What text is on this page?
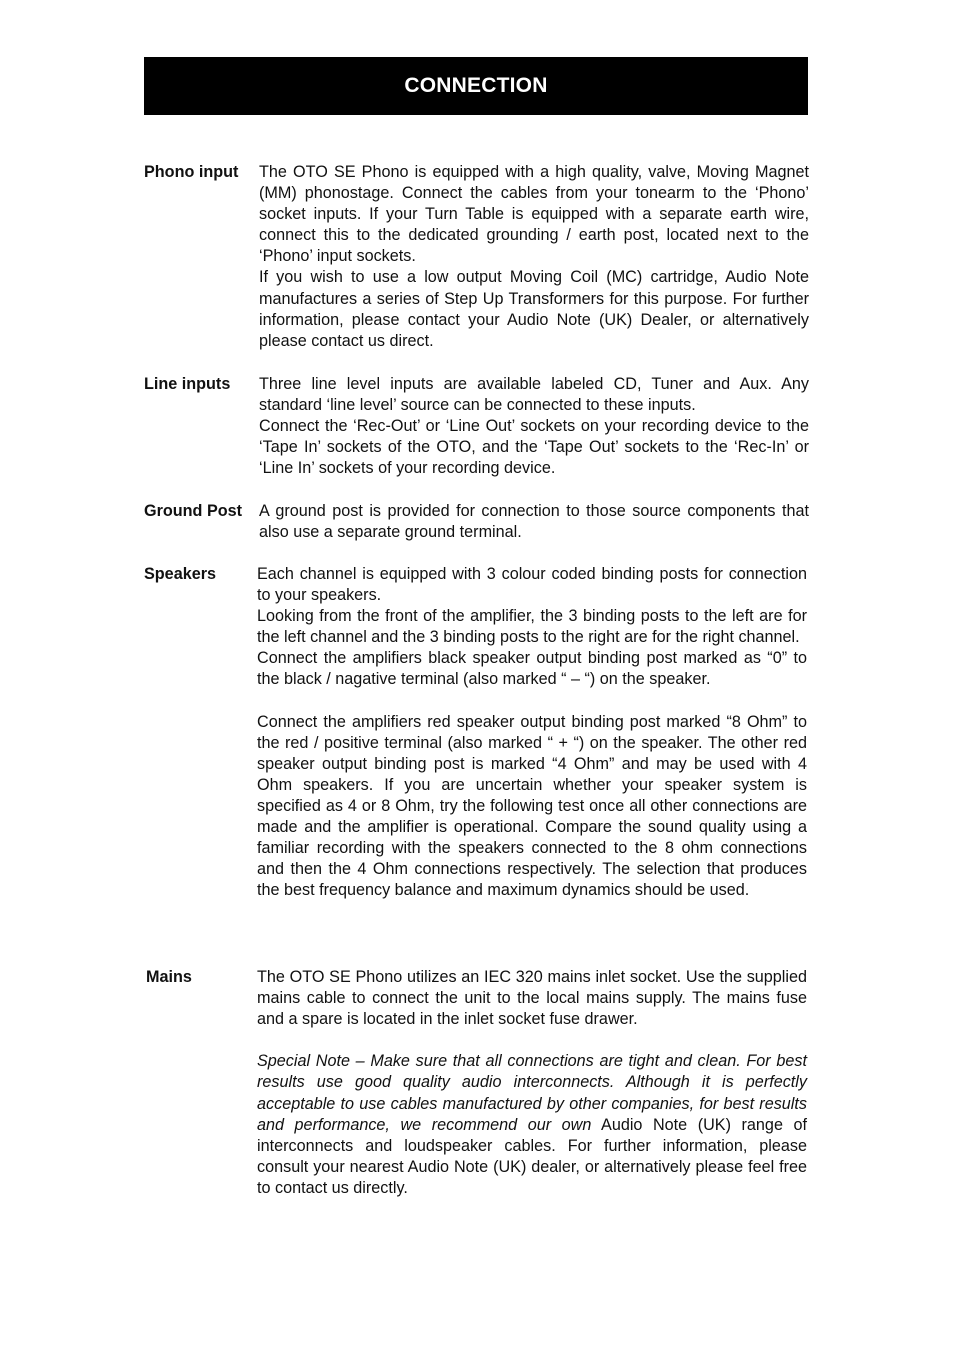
CONNECTION
Phono input The OTO SE Phono is equipped with a high quality, valve, Moving Magnet (MM) phonostage. Connect the cables from your tonearm to the ‘Phono’ socket inputs. If your Turn Table is equipped with a separate earth wire, connect this to the dedicated grounding / earth post, located next to the ‘Phono’ input sockets.

If you wish to use a low output Moving Coil (MC) cartridge, Audio Note manufactures a series of Step Up Transformers for this purpose. For further information, please contact your Audio Note (UK) Dealer, or alternatively please contact us direct.

Line inputs Three line level inputs are available labeled CD, Tuner and Aux. Any standard ‘line level’ source can be connected to these inputs.

Connect the ‘Rec-Out’ or ‘Line Out’ sockets on your recording device to the ‘Tape In’ sockets of the OTO, and the ‘Tape Out’ sockets to the ‘Rec-In’ or ‘Line In’ sockets of your recording device.

Ground Post A ground post is provided for connection to those source components that also use a separate ground terminal.

Speakers	Each channel is equipped with 3 colour coded binding posts for connection to your speakers.

Looking from the front of the amplifier, the 3 binding posts to the left are for the left channel and the 3 binding posts to the right are for the right channel.

Connect the amplifiers black speaker output binding post marked as “0” to the black / nagative terminal (also marked “ – “) on the speaker.

Connect the amplifiers red speaker output binding post marked “8 Ohm” to the red / positive terminal (also marked “ + “) on the speaker. The other red speaker output binding post is marked “4 Ohm” and may be used with 4 Ohm speakers. If you are uncertain whether your speaker system is specified as 4 or 8 Ohm, try the following test once all other connections are made and the amplifier is operational. Compare the sound quality using a familiar recording with the speakers connected to the 8 ohm connections and then the 4 Ohm connections respectively. The selection that produces the best frequency balance and maximum dynamics should be used.

Mains	The OTO SE Phono utilizes an IEC 320 mains inlet socket. Use the supplied mains cable to connect the unit to the local mains supply. The mains fuse and a spare is located in the inlet socket fuse drawer.

Special Note – Make sure that all connections are tight and clean. For best results use good quality audio interconnects. Although it is perfectly acceptable to use cables manufactured by other companies, for best results and performance, we recommend our own Audio Note (UK) range of interconnects and loudspeaker cables. For further information, please consult your nearest Audio Note (UK) dealer, or alternatively please feel free to contact us directly.
